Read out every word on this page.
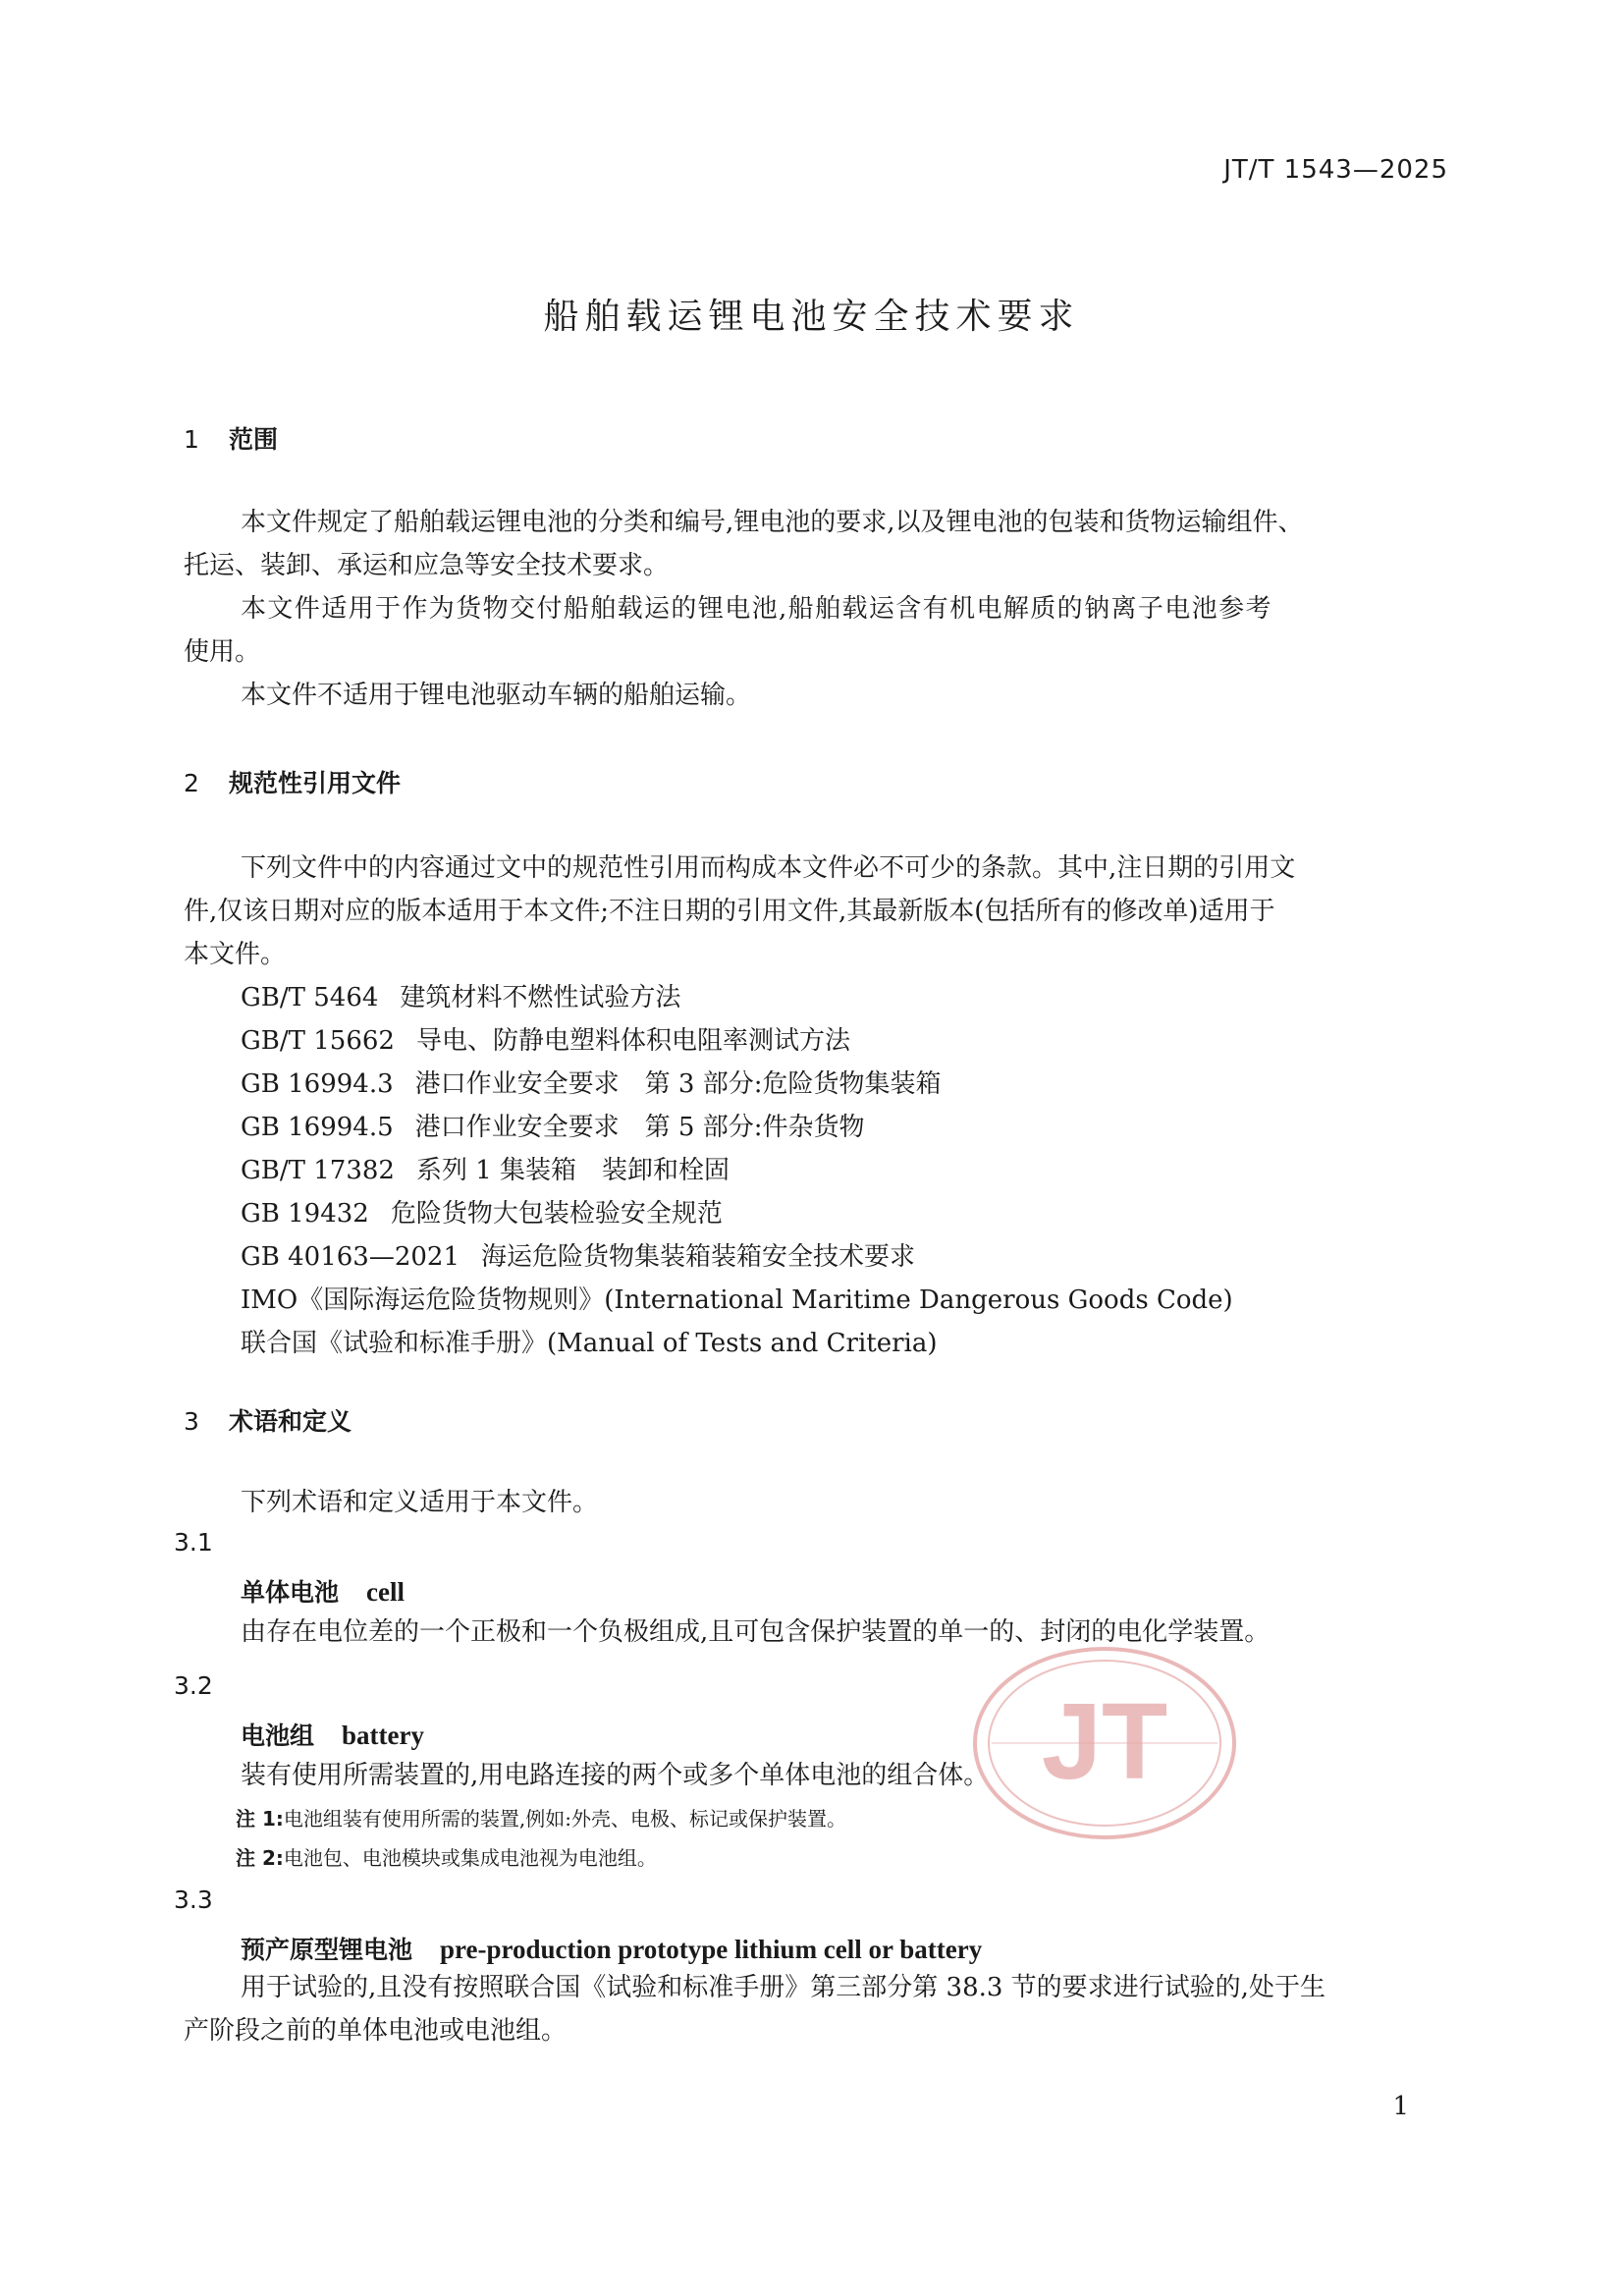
JT/T 1543—2025
船舶载运锂电池安全技术要求
1 范围
本文件规定了船舶载运锂电池的分类和编号,锂电池的要求,以及锂电池的包装和货物运输组件、
托运、装卸、承运和应急等安全技术要求。
本文件适用于作为货物交付船舶载运的锂电池,船舶载运含有机电解质的钠离子电池参考
使用。
本文件不适用于锂电池驱动车辆的船舶运输。
2 规范性引用文件
下列文件中的内容通过文中的规范性引用而构成本文件必不可少的条款。其中,注日期的引用文
件,仅该日期对应的版本适用于本文件;不注日期的引用文件,其最新版本(包括所有的修改单)适用于
本文件。
GB/T 5464 建筑材料不燃性试验方法
GB/T 15662 导电、防静电塑料体积电阻率测试方法
GB 16994.3 港口作业安全要求　第 3 部分:危险货物集装箱
GB 16994.5 港口作业安全要求　第 5 部分:件杂货物
GB/T 17382 系列 1 集装箱　装卸和栓固
GB 19432 危险货物大包装检验安全规范
GB 40163—2021 海运危险货物集装箱装箱安全技术要求
IMO《国际海运危险货物规则》(International Maritime Dangerous Goods Code)
联合国《试验和标准手册》(Manual of Tests and Criteria)
3 术语和定义
下列术语和定义适用于本文件。
3.1
单体电池 cell
由存在电位差的一个正极和一个负极组成,且可包含保护装置的单一的、封闭的电化学装置。
3.2
电池组 battery
装有使用所需装置的,用电路连接的两个或多个单体电池的组合体。
注 1:电池组装有使用所需的装置,例如:外壳、电极、标记或保护装置。
注 2:电池包、电池模块或集成电池视为电池组。
3.3
预产原型锂电池 pre-production prototype lithium cell or battery
用于试验的,且没有按照联合国《试验和标准手册》第三部分第 38.3 节的要求进行试验的,处于生
产阶段之前的单体电池或电池组。
JT
1
